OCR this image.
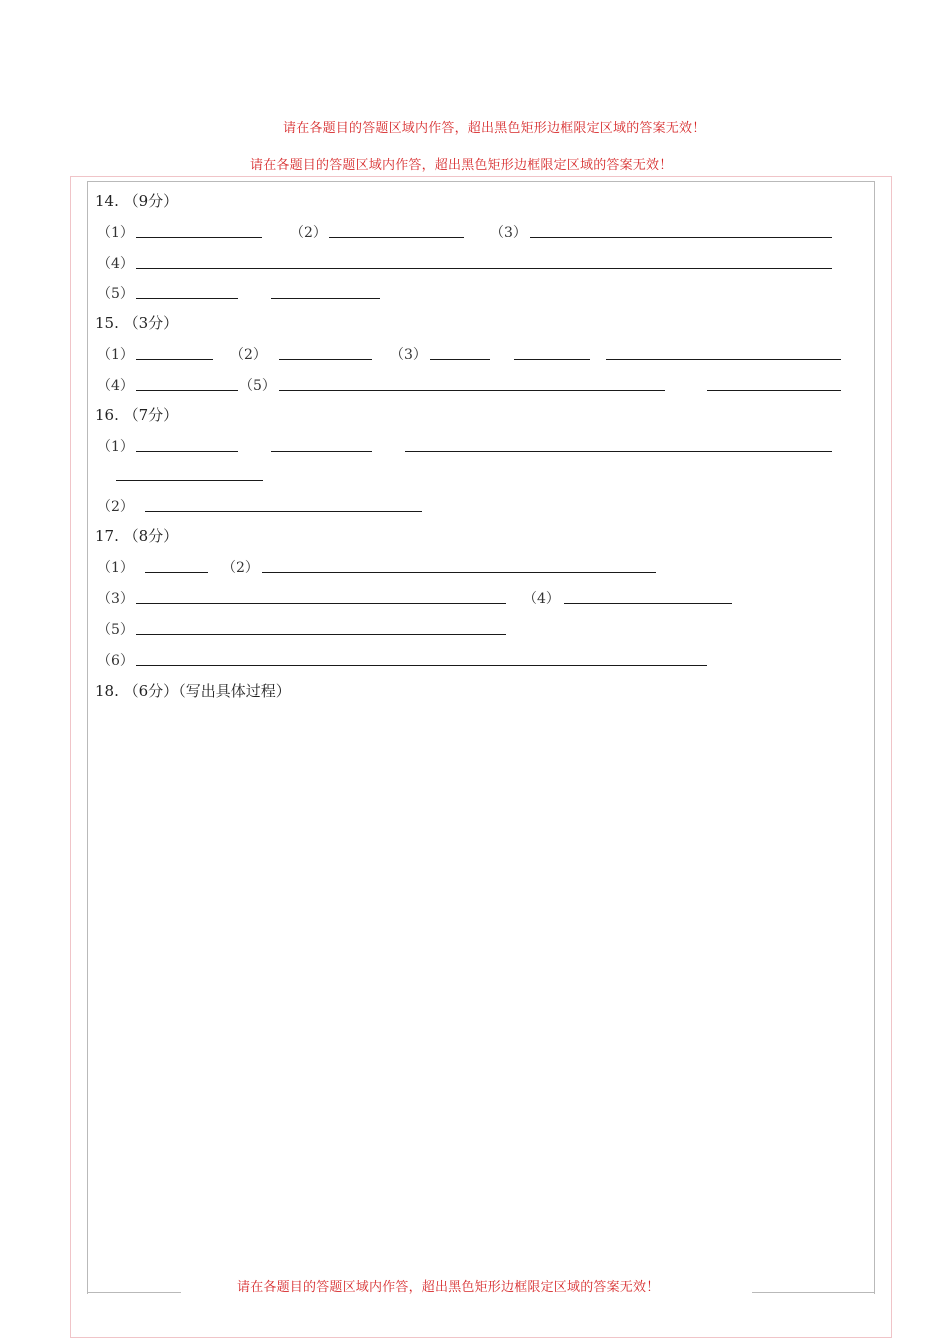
请在各题目的答题区域内作答，超出黑色矩形边框限定区域的答案无效！
请在各题目的答题区域内作答，超出黑色矩形边框限定区域的答案无效！
14. （9分）
（1）	（2）	（3）
（4）
（5）
15. （3分）
（1）	（2）	（3）
（4）	（5）
16. （7分）
（1）
（2）
17. （8分）
（1）	（2）
（3）	（4）
（5）
（6）
18. （6分）（写出具体过程）
请在各题目的答题区域内作答，超出黑色矩形边框限定区域的答案无效！
